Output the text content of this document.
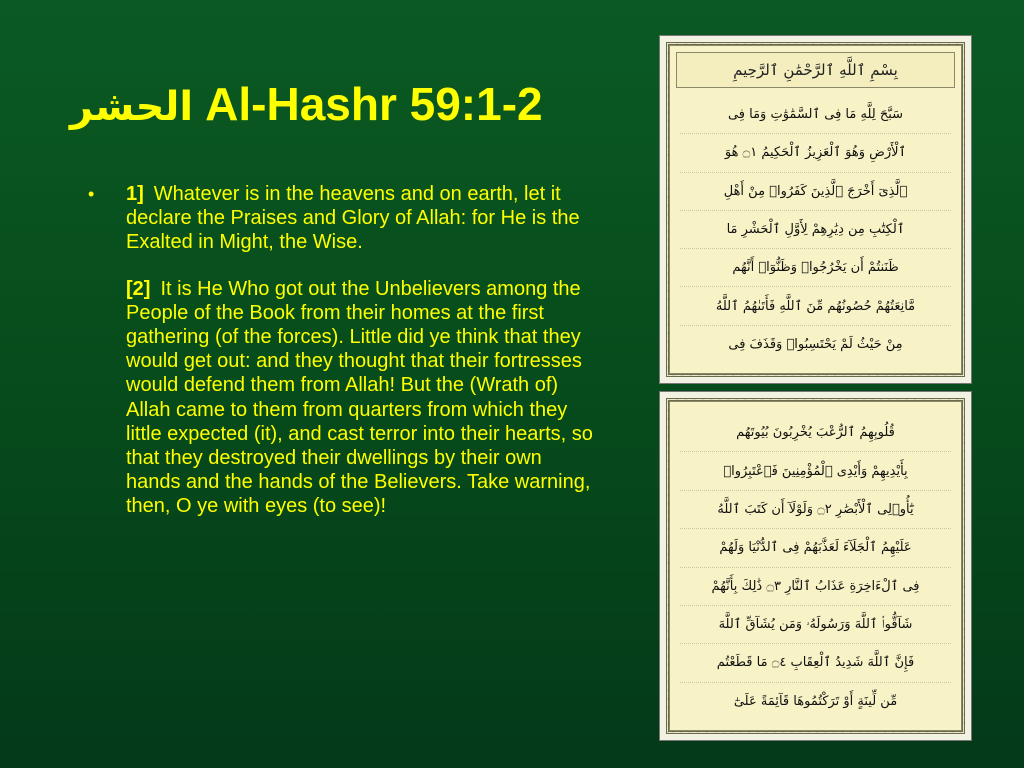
الحشر Al-Hashr 59:1-2
•	1] Whatever is in the heavens and on earth, let it declare the Praises and Glory of Allah: for He is the Exalted in Might, the Wise.
[2] It is He Who got out the Unbelievers among the People of the Book from their homes at the first gathering (of the forces). Little did ye think that they would get out: and they thought that their fortresses would defend them from Allah! But the (Wrath of) Allah came to them from quarters from which they little expected (it), and cast terror into their hearts, so that they destroyed their dwellings by their own hands and the hands of the Believers. Take warning, then, O ye with eyes (to see)!
بِسْمِ ٱللَّهِ ٱلرَّحْمَٰنِ ٱلرَّحِيمِ
سَبَّحَ لِلَّهِ مَا فِى ٱلسَّمَٰوَٰتِ وَمَا فِى
ٱلْأَرْضِ وَهُوَ ٱلْعَزِيزُ ٱلْحَكِيمُ ۝١ هُوَ
ٱلَّذِىٓ أَخْرَجَ ٱلَّذِينَ كَفَرُوا۟ مِنْ أَهْلِ
ٱلْكِتَٰبِ مِن دِيَٰرِهِمْ لِأَوَّلِ ٱلْحَشْرِ مَا
ظَنَنتُمْ أَن يَخْرُجُوا۟ وَظَنُّوٓا۟ أَنَّهُم
مَّانِعَتُهُمْ حُصُونُهُم مِّنَ ٱللَّهِ فَأَتَىٰهُمُ ٱللَّهُ
مِنْ حَيْثُ لَمْ يَحْتَسِبُوا۟ وَقَذَفَ فِى
قُلُوبِهِمُ ٱلرُّعْبَ يُخْرِبُونَ بُيُوتَهُم
بِأَيْدِيهِمْ وَأَيْدِى ٱلْمُؤْمِنِينَ فَٱعْتَبِرُوا۟
يَٰٓأُو۟لِى ٱلْأَبْصَٰرِ ۝٢ وَلَوْلَآ أَن كَتَبَ ٱللَّهُ
عَلَيْهِمُ ٱلْجَلَآءَ لَعَذَّبَهُمْ فِى ٱلدُّنْيَا وَلَهُمْ
فِى ٱلْءَاخِرَةِ عَذَابُ ٱلنَّارِ ۝٣ ذَٰلِكَ بِأَنَّهُمْ
شَآقُّوا۟ ٱللَّهَ وَرَسُولَهُۥ وَمَن يُشَآقِّ ٱللَّهَ
فَإِنَّ ٱللَّهَ شَدِيدُ ٱلْعِقَابِ ۝٤ مَا قَطَعْتُم
مِّن لِّينَةٍ أَوْ تَرَكْتُمُوهَا قَآئِمَةً عَلَىٰٓ
